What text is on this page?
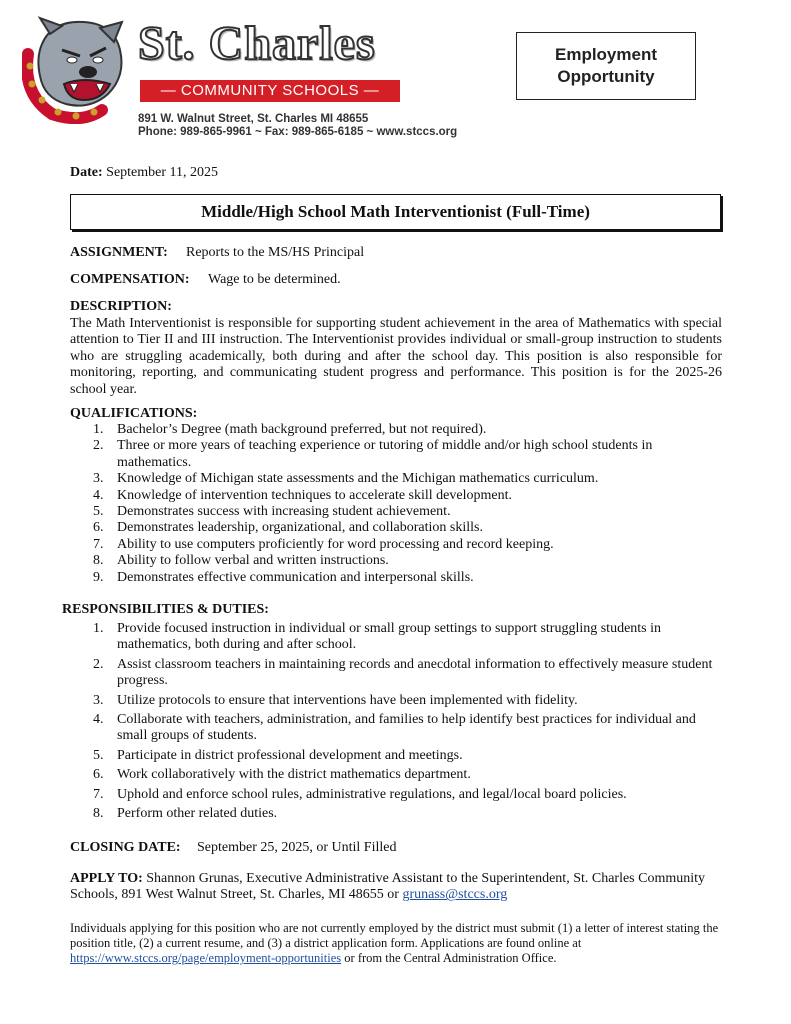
St. Charles
— COMMUNITY SCHOOLS —
891 W. Walnut Street, St. Charles MI 48655
Phone: 989-865-9961 ~ Fax: 989-865-6185 ~ www.stccs.org
Employment
Opportunity
Date: September 11, 2025
Middle/High School Math Interventionist (Full-Time)
ASSIGNMENT: Reports to the MS/HS Principal
COMPENSATION: Wage to be determined.
DESCRIPTION:
The Math Interventionist is responsible for supporting student achievement in the area of Mathematics with special attention to Tier II and III instruction. The Interventionist provides individual or small-group instruction to students who are struggling academically, both during and after the school day. This position is also responsible for monitoring, reporting, and communicating student progress and performance. This position is for the 2025-26 school year.
QUALIFICATIONS:
1. Bachelor’s Degree (math background preferred, but not required).
2. Three or more years of teaching experience or tutoring of middle and/or high school students in mathematics.
3. Knowledge of Michigan state assessments and the Michigan mathematics curriculum.
4. Knowledge of intervention techniques to accelerate skill development.
5. Demonstrates success with increasing student achievement.
6. Demonstrates leadership, organizational, and collaboration skills.
7. Ability to use computers proficiently for word processing and record keeping.
8. Ability to follow verbal and written instructions.
9. Demonstrates effective communication and interpersonal skills.
RESPONSIBILITIES & DUTIES:
1. Provide focused instruction in individual or small group settings to support struggling students in mathematics, both during and after school.
2. Assist classroom teachers in maintaining records and anecdotal information to effectively measure student progress.
3. Utilize protocols to ensure that interventions have been implemented with fidelity.
4. Collaborate with teachers, administration, and families to help identify best practices for individual and small groups of students.
5. Participate in district professional development and meetings.
6. Work collaboratively with the district mathematics department.
7. Uphold and enforce school rules, administrative regulations, and legal/local board policies.
8. Perform other related duties.
CLOSING DATE: September 25, 2025, or Until Filled
APPLY TO: Shannon Grunas, Executive Administrative Assistant to the Superintendent, St. Charles Community Schools, 891 West Walnut Street, St. Charles, MI 48655 or grunass@stccs.org
Individuals applying for this position who are not currently employed by the district must submit (1) a letter of interest stating the position title, (2) a current resume, and (3) a district application form. Applications are found online at https://www.stccs.org/page/employment-opportunities or from the Central Administration Office.
